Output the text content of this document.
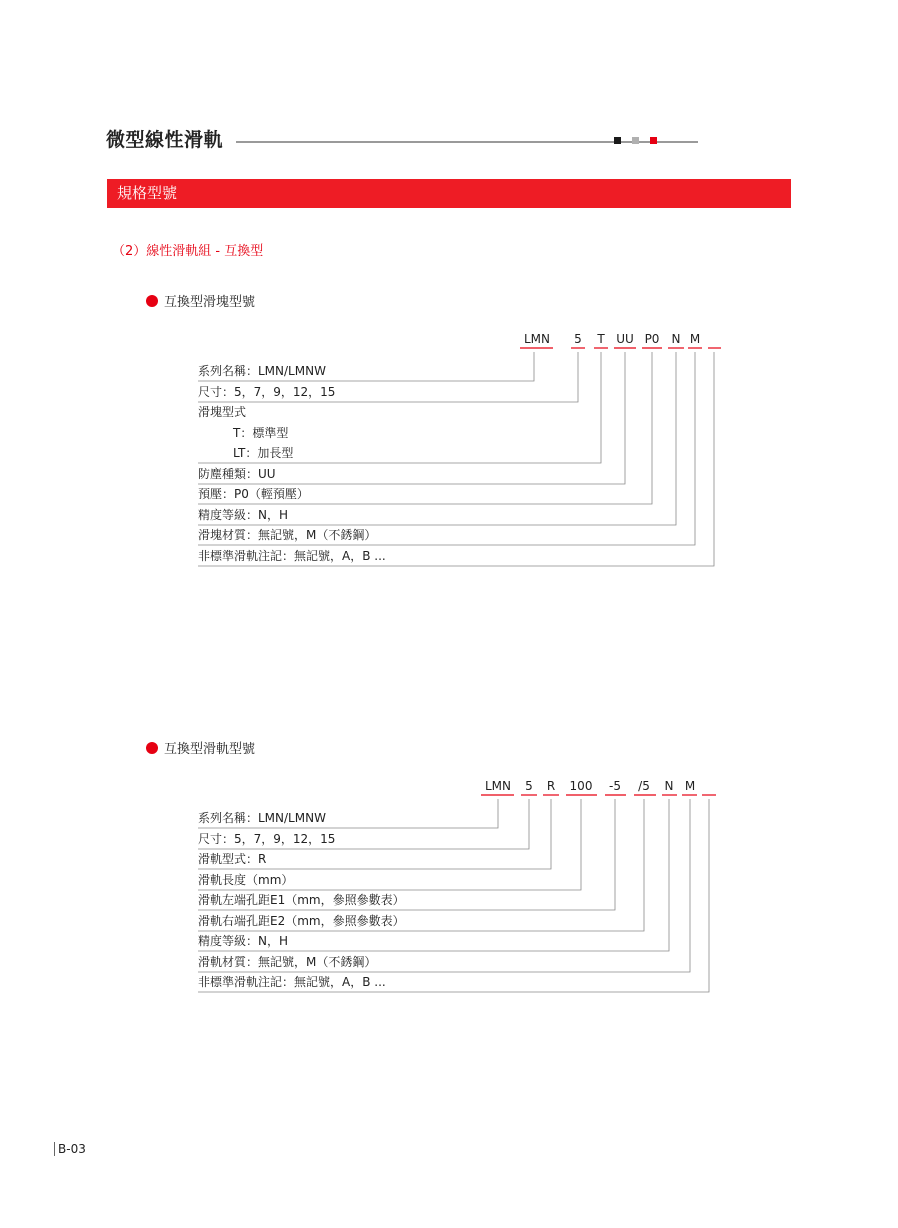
微型線性滑軌
規格型號
（2）線性滑軌組 - 互換型
互換型滑塊型號
LMN 5 T UU P0 N M
系列名稱：LMN/LMNW
尺寸：5，7，9，12，15
滑塊型式
T：標準型
LT：加長型
防塵種類：UU
預壓：P0（輕預壓）
精度等級：N，H
滑塊材質：無記號，M（不銹鋼）
非標準滑軌注記：無記號，A，B ...
互換型滑軌型號
LMN 5 R 100 -5 /5 N M
系列名稱：LMN/LMNW
尺寸：5，7，9，12，15
滑軌型式：R
滑軌長度（mm）
滑軌左端孔距E1（mm，參照參數表）
滑軌右端孔距E2（mm，參照參數表）
精度等級：N，H
滑軌材質：無記號，M（不銹鋼）
非標準滑軌注記：無記號，A，B ...
B-03
